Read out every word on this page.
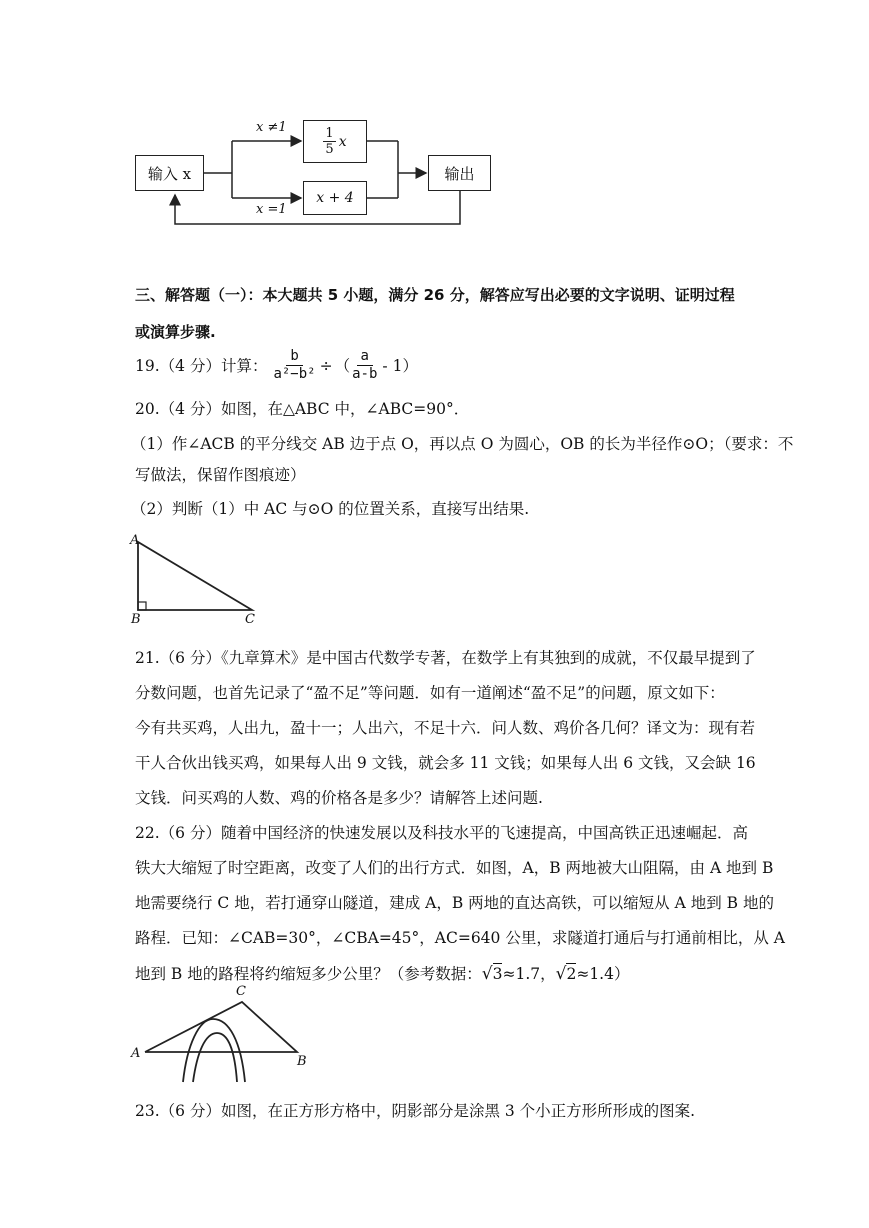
输入 x
x ≠1
x =1
$\frac{1}{5}$ x
x + 4
输出
三、解答题（一）：本大题共 5 小题，满分 26 分，解答应写出必要的文字说明、证明过程
或演算步骤.
19.（4 分）计算： $\frac{b}{\text{a²−b²}}$ ÷ （ $\frac{a}{a-b} - 1$）
20.（4 分）如图，在△ABC 中，∠ABC=90°．
（1）作∠ACB 的平分线交 AB 边于点 O，再以点 O 为圆心，OB 的长为半径作⊙O；（要求：不
写做法，保留作图痕迹）
（2）判断（1）中 AC 与⊙O 的位置关系，直接写出结果.
A
B	C
21.（6 分）《九章算术》是中国古代数学专著，在数学上有其独到的成就，不仅最早提到了
分数问题，也首先记录了“盈不足”等问题．如有一道阐述“盈不足”的问题，原文如下：
今有共买鸡，人出九，盈十一；人出六，不足十六．问人数、鸡价各几何？译文为：现有若
干人合伙出钱买鸡，如果每人出 9 文钱，就会多 11 文钱；如果每人出 6 文钱，又会缺 16
文钱．问买鸡的人数、鸡的价格各是多少？请解答上述问题.
22.（6 分）随着中国经济的快速发展以及科技水平的飞速提高，中国高铁正迅速崛起．高
铁大大缩短了时空距离，改变了人们的出行方式．如图，A，B 两地被大山阻隔，由 A 地到 B
地需要绕行 C 地，若打通穿山隧道，建成 A，B 两地的直达高铁，可以缩短从 A 地到 B 地的
路程．已知：∠CAB=30°，∠CBA=45°，AC=640 公里，求隧道打通后与打通前相比，从 A
地到 B 地的路程将约缩短多少公里？（参考数据： √ 3 ≈1.7， √ 2 ≈1.4）
A
B
C
23.（6 分）如图，在正方形方格中，阴影部分是涂黑 3 个小正方形所形成的图案.
